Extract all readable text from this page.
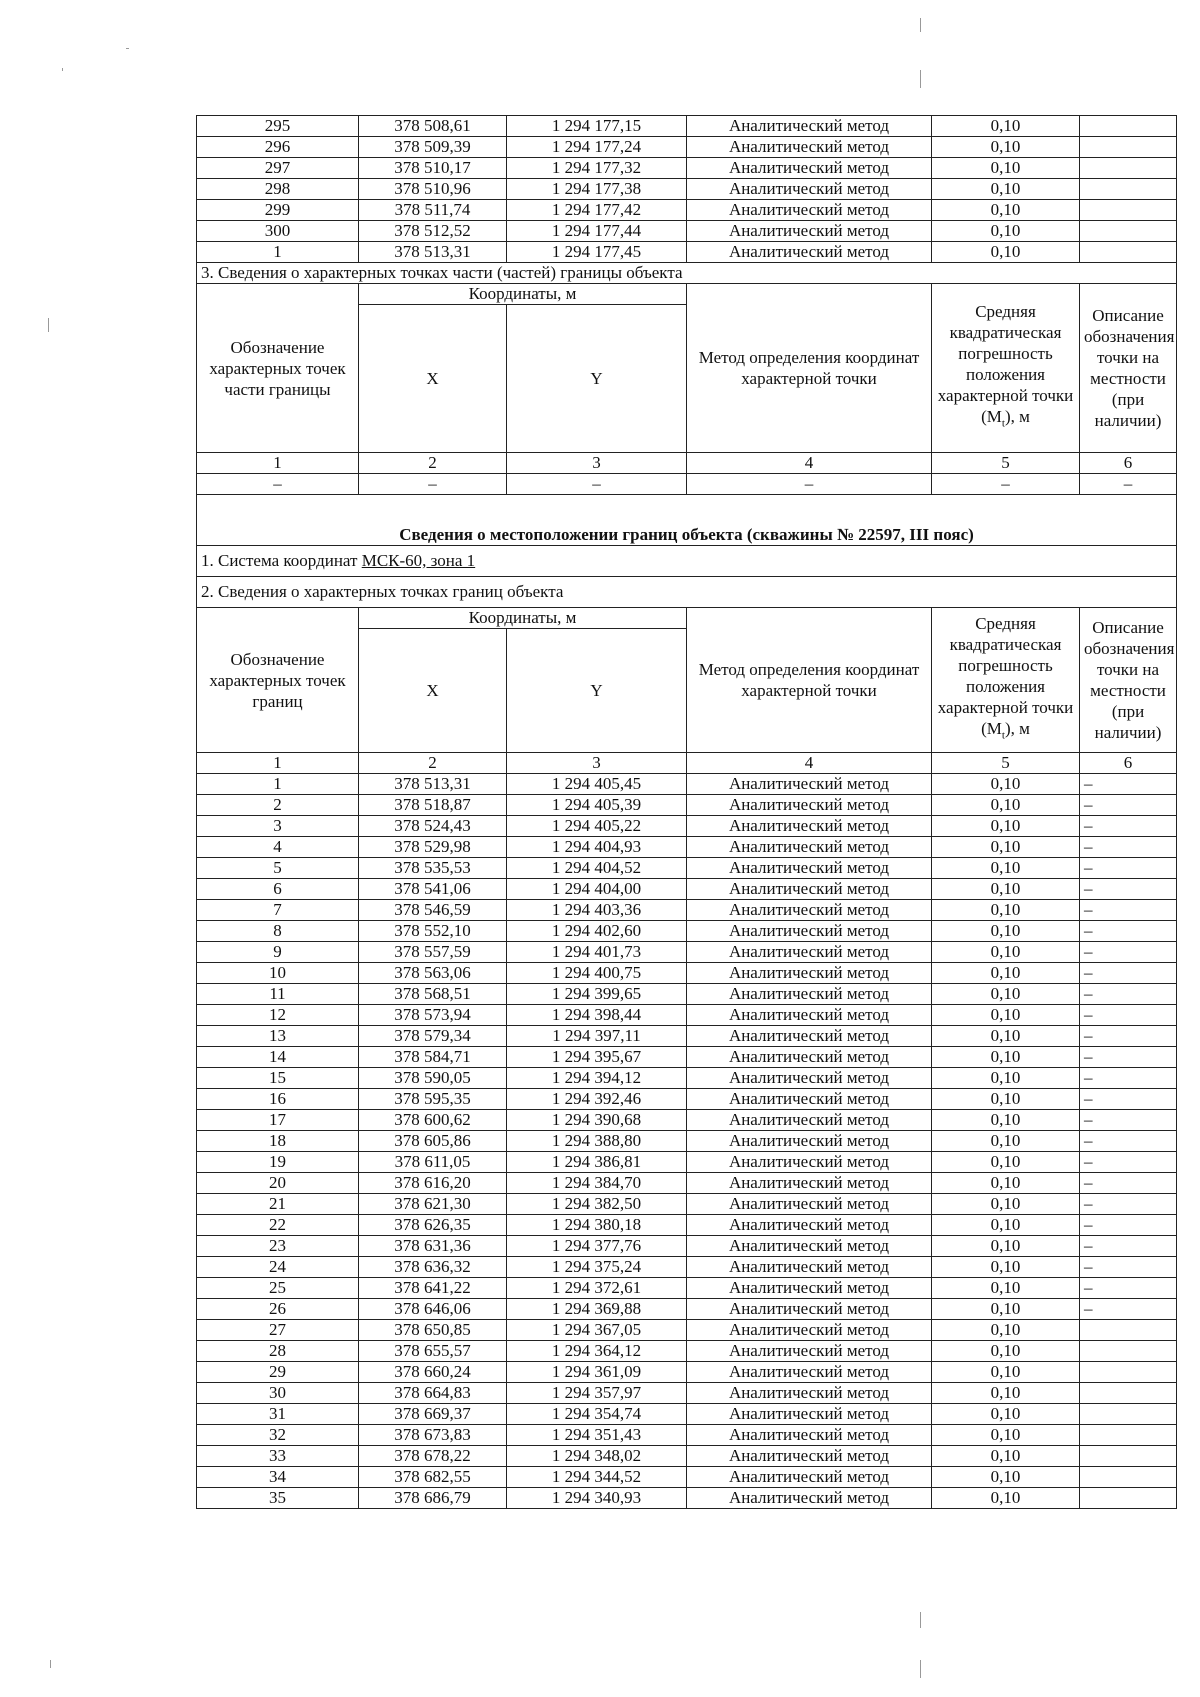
295	378 508,61	1 294 177,15	Аналитический метод	0,10	
296	378 509,39	1 294 177,24	Аналитический метод	0,10	
297	378 510,17	1 294 177,32	Аналитический метод	0,10	
298	378 510,96	1 294 177,38	Аналитический метод	0,10	
299	378 511,74	1 294 177,42	Аналитический метод	0,10	
300	378 512,52	1 294 177,44	Аналитический метод	0,10	
1	378 513,31	1 294 177,45	Аналитический метод	0,10	
3. Сведения о характерных точках части (частей) границы объекта					
Обозначение характерных точек части границы	Координаты, м		Метод определения координат характерной точки	Средняя квадратическая погрешность положения характерной точки $(M_t)$, м	Описание обозначения точки на местности (при наличии)
	X	Y			
1	2	3	4	5	6
–	–	–	–	–	–

Сведения о местоположении границ объекта (скважины № 22597, III пояс)					
1. Система координат МСК-60, зона 1					
2. Сведения о характерных точках границ объекта					
Обозначение характерных точек границ	Координаты, м		Метод определения координат характерной точки	Средняя квадратическая погрешность положения характерной точки $(M_t)$, м	Описание обозначения точки на местности (при наличии)
	X	Y			
1	2	3	4	5	6
1	378 513,31	1 294 405,45	Аналитический метод	0,10	–
2	378 518,87	1 294 405,39	Аналитический метод	0,10	–
3	378 524,43	1 294 405,22	Аналитический метод	0,10	–
4	378 529,98	1 294 404,93	Аналитический метод	0,10	–
5	378 535,53	1 294 404,52	Аналитический метод	0,10	–
6	378 541,06	1 294 404,00	Аналитический метод	0,10	–
7	378 546,59	1 294 403,36	Аналитический метод	0,10	–
8	378 552,10	1 294 402,60	Аналитический метод	0,10	–
9	378 557,59	1 294 401,73	Аналитический метод	0,10	–
10	378 563,06	1 294 400,75	Аналитический метод	0,10	–
11	378 568,51	1 294 399,65	Аналитический метод	0,10	–
12	378 573,94	1 294 398,44	Аналитический метод	0,10	–
13	378 579,34	1 294 397,11	Аналитический метод	0,10	–
14	378 584,71	1 294 395,67	Аналитический метод	0,10	–
15	378 590,05	1 294 394,12	Аналитический метод	0,10	–
16	378 595,35	1 294 392,46	Аналитический метод	0,10	–
17	378 600,62	1 294 390,68	Аналитический метод	0,10	–
18	378 605,86	1 294 388,80	Аналитический метод	0,10	–
19	378 611,05	1 294 386,81	Аналитический метод	0,10	–
20	378 616,20	1 294 384,70	Аналитический метод	0,10	–
21	378 621,30	1 294 382,50	Аналитический метод	0,10	–
22	378 626,35	1 294 380,18	Аналитический метод	0,10	–
23	378 631,36	1 294 377,76	Аналитический метод	0,10	–
24	378 636,32	1 294 375,24	Аналитический метод	0,10	–
25	378 641,22	1 294 372,61	Аналитический метод	0,10	–
26	378 646,06	1 294 369,88	Аналитический метод	0,10	–
27	378 650,85	1 294 367,05	Аналитический метод	0,10	
28	378 655,57	1 294 364,12	Аналитический метод	0,10	
29	378 660,24	1 294 361,09	Аналитический метод	0,10	
30	378 664,83	1 294 357,97	Аналитический метод	0,10	
31	378 669,37	1 294 354,74	Аналитический метод	0,10	
32	378 673,83	1 294 351,43	Аналитический метод	0,10	
33	378 678,22	1 294 348,02	Аналитический метод	0,10	
34	378 682,55	1 294 344,52	Аналитический метод	0,10	
35	378 686,79	1 294 340,93	Аналитический метод	0,10	
